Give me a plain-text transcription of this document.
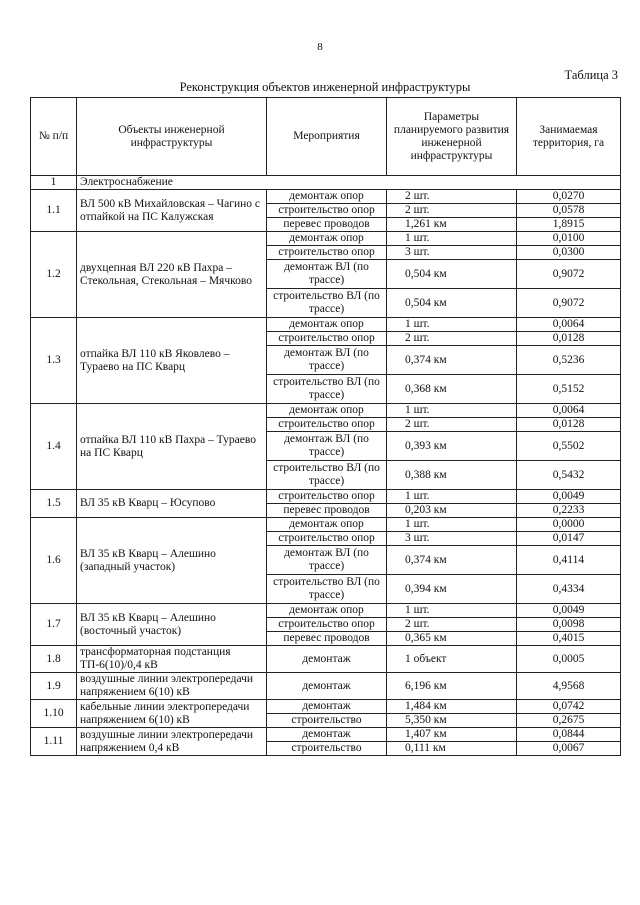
8
Таблица 3
Реконструкция объектов инженерной инфраструктуры
№ п/п	Объекты инженерной инфраструктуры	Мероприятия	Параметры планируемого развития инженерной инфраструктуры	Занимаемая территория, га
1	Электроснабжение			
1.1	ВЛ 500 кВ Михайловская – Чагино с отпайкой на ПС Калужская	демонтаж опор	2 шт.	0,0270
		строительство опор	2 шт.	0,0578
		перевес проводов	1,261 км	1,8915
1.2	двухцепная ВЛ 220 кВ Пахра – Стекольная, Стекольная – Мячково	демонтаж опор	1 шт.	0,0100
		строительство опор	3 шт.	0,0300
		демонтаж ВЛ (по трассе)	0,504 км	0,9072
		строительство ВЛ (по трассе)	0,504 км	0,9072
1.3	отпайка ВЛ 110 кВ Яковлево – Тураево на ПС Кварц	демонтаж опор	1 шт.	0,0064
		строительство опор	2 шт.	0,0128
		демонтаж ВЛ (по трассе)	0,374 км	0,5236
		строительство ВЛ (по трассе)	0,368 км	0,5152
1.4	отпайка ВЛ 110 кВ Пахра – Тураево на ПС Кварц	демонтаж опор	1 шт.	0,0064
		строительство опор	2 шт.	0,0128
		демонтаж ВЛ (по трассе)	0,393 км	0,5502
		строительство ВЛ (по трассе)	0,388 км	0,5432
1.5	ВЛ 35 кВ Кварц – Юсупово	строительство опор	1 шт.	0,0049
		перевес проводов	0,203 км	0,2233
1.6	ВЛ 35 кВ Кварц – Алешино (западный участок)	демонтаж опор	1 шт.	0,0000
		строительство опор	3 шт.	0,0147
		демонтаж ВЛ (по трассе)	0,374 км	0,4114
		строительство ВЛ (по трассе)	0,394 км	0,4334
1.7	ВЛ 35 кВ Кварц – Алешино (восточный участок)	демонтаж опор	1 шт.	0,0049
		строительство опор	2 шт.	0,0098
		перевес проводов	0,365 км	0,4015
1.8	трансформаторная подстанция ТП-6(10)/0,4 кВ	демонтаж	1 объект	0,0005
1.9	воздушные линии электропередачи напряжением 6(10) кВ	демонтаж	6,196 км	4,9568
1.10	кабельные линии электропередачи напряжением 6(10) кВ	демонтаж	1,484 км	0,0742
		строительство	5,350 км	0,2675
1.11	воздушные линии электропередачи напряжением 0,4 кВ	демонтаж	1,407 км	0,0844
		строительство	0,111 км	0,0067
